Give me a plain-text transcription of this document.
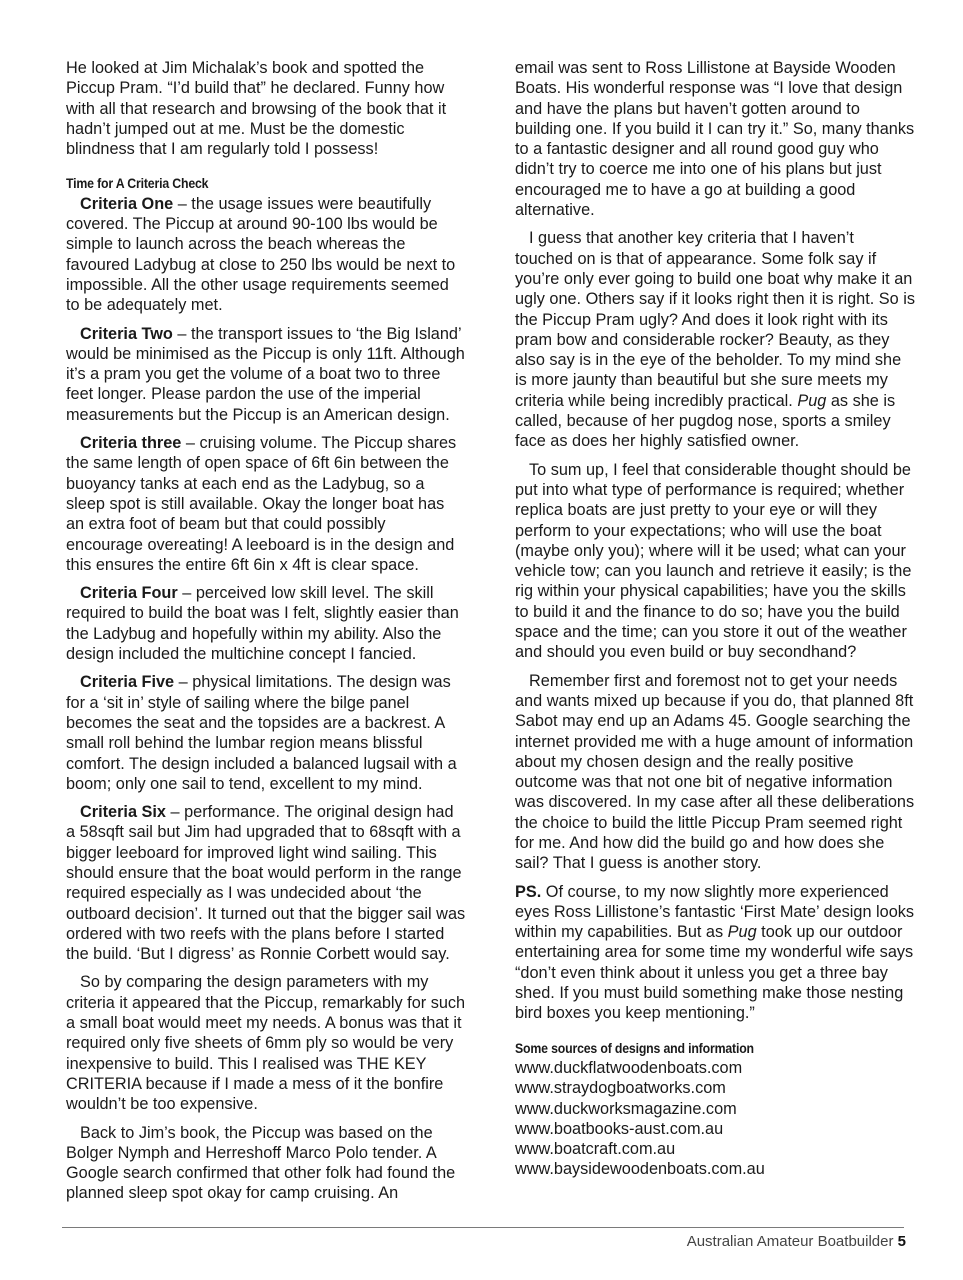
He looked at Jim Michalak’s book and spotted the Piccup Pram. “I’d build that” he declared. Funny how with all that research and browsing of the book that it hadn’t jumped out at me. Must be the domestic blindness that I am regularly told I possess!

Time for A Criteria Check

Criteria One – the usage issues were beautifully covered. The Piccup at around 90-100 lbs would be simple to launch across the beach whereas the favoured Ladybug at close to 250 lbs would be next to impossible. All the other usage requirements seemed to be adequately met.

Criteria Two – the transport issues to ‘the Big Island’ would be minimised as the Piccup is only 11ft. Although it’s a pram you get the volume of a boat two to three feet longer. Please pardon the use of the imperial measurements but the Piccup is an American design.

Criteria three – cruising volume. The Piccup shares the same length of open space of 6ft 6in between the buoyancy tanks at each end as the Ladybug, so a sleep spot is still available. Okay the longer boat has an extra foot of beam but that could possibly encourage overeating! A leeboard is in the design and this ensures the entire 6ft 6in x 4ft is clear space.

Criteria Four – perceived low skill level. The skill required to build the boat was I felt, slightly easier than the Ladybug and hopefully within my ability. Also the design included the multichine concept I fancied.

Criteria Five – physical limitations. The design was for a ‘sit in’ style of sailing where the bilge panel becomes the seat and the topsides are a backrest. A small roll behind the lumbar region means blissful comfort. The design included a balanced lugsail with a boom; only one sail to tend, excellent to my mind.

Criteria Six – performance. The original design had a 58sqft sail but Jim had upgraded that to 68sqft with a bigger leeboard for improved light wind sailing. This should ensure that the boat would perform in the range required especially as I was undecided about ‘the outboard decision’. It turned out that the bigger sail was ordered with two reefs with the plans before I started the build. ‘But I digress’ as Ronnie Corbett would say.

So by comparing the design parameters with my criteria it appeared that the Piccup, remarkably for such a small boat would meet my needs. A bonus was that it required only five sheets of 6mm ply so would be very inexpensive to build. This I realised was THE KEY CRITERIA because if I made a mess of it the bonfire wouldn’t be too expensive.

Back to Jim’s book, the Piccup was based on the Bolger Nymph and Herreshoff Marco Polo tender. A Google search confirmed that other folk had found the planned sleep spot okay for camp cruising. An

email was sent to Ross Lillistone at Bayside Wooden Boats. His wonderful response was “I love that design and have the plans but haven’t gotten around to building one. If you build it I can try it.” So, many thanks to a fantastic designer and all round good guy who didn’t try to coerce me into one of his plans but just encouraged me to have a go at building a good alternative.

I guess that another key criteria that I haven’t touched on is that of appearance. Some folk say if you’re only ever going to build one boat why make it an ugly one. Others say if it looks right then it is right. So is the Piccup Pram ugly? And does it look right with its pram bow and considerable rocker? Beauty, as they also say is in the eye of the beholder. To my mind she is more jaunty than beautiful but she sure meets my criteria while being incredibly practical. Pug as she is called, because of her pugdog nose, sports a smiley face as does her highly satisfied owner.

To sum up, I feel that considerable thought should be put into what type of performance is required; whether replica boats are just pretty to your eye or will they perform to your expectations; who will use the boat (maybe only you); where will it be used; what can your vehicle tow; can you launch and retrieve it easily; is the rig within your physical capabilities; have you the skills to build it and the finance to do so; have you the build space and the time; can you store it out of the weather and should you even build or buy secondhand?

Remember first and foremost not to get your needs and wants mixed up because if you do, that planned 8ft Sabot may end up an Adams 45. Google searching the internet provided me with a huge amount of information about my chosen design and the really positive outcome was that not one bit of negative information was discovered. In my case after all these deliberations the choice to build the little Piccup Pram seemed right for me. And how did the build go and how does she sail? That I guess is another story.

PS. Of course, to my now slightly more experienced eyes Ross Lillistone’s fantastic ‘First Mate’ design looks within my capabilities. But as Pug took up our outdoor entertaining area for some time my wonderful wife says “don’t even think about it unless you get a three bay shed. If you must build something make those nesting bird boxes you keep mentioning.”

Some sources of designs and information
www.duckflatwoodenboats.com
www.straydogboatworks.com
www.duckworksmagazine.com
www.boatbooks-aust.com.au
www.boatcraft.com.au
www.baysidewoodenboats.com.au
Australian Amateur Boatbuilder 5
